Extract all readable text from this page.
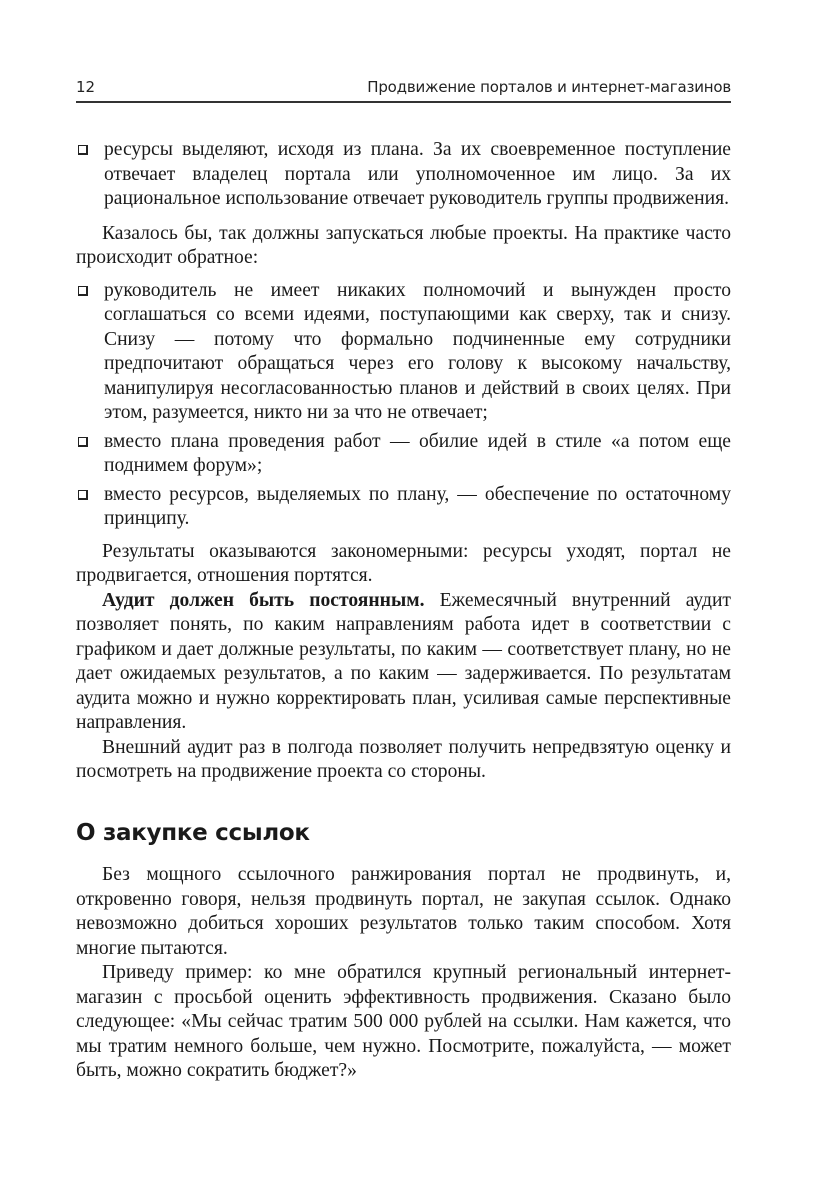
12	Продвижение порталов и интернет-магазинов
ресурсы выделяют, исходя из плана. За их своевременное поступление отвечает владелец портала или уполномоченное им лицо. За их рациональное использование отвечает руководитель группы продвижения.

Казалось бы, так должны запускаться любые проекты. На практике часто происходит обратное:

руководитель не имеет никаких полномочий и вынужден просто соглашаться со всеми идеями, поступающими как сверху, так и снизу. Снизу — потому что формально подчиненные ему сотрудники предпочитают обращаться через его голову к высокому начальству, манипулируя несогласованностью планов и действий в своих целях. При этом, разумеется, никто ни за что не отвечает;
вместо плана проведения работ — обилие идей в стиле «а потом еще поднимем форум»;
вместо ресурсов, выделяемых по плану, — обеспечение по остаточному принципу.

Результаты оказываются закономерными: ресурсы уходят, портал не продвигается, отношения портятся.

Аудит должен быть постоянным. Ежемесячный внутренний аудит позволяет понять, по каким направлениям работа идет в соответствии с графиком и дает должные результаты, по каким — соответствует плану, но не дает ожидаемых результатов, а по каким — задерживается. По результатам аудита можно и нужно корректировать план, усиливая самые перспективные направления.

Внешний аудит раз в полгода позволяет получить непредвзятую оценку и посмотреть на продвижение проекта со стороны.

О закупке ссылок

Без мощного ссылочного ранжирования портал не продвинуть, и, откровенно говоря, нельзя продвинуть портал, не закупая ссылок. Однако невозможно добиться хороших результатов только таким способом. Хотя многие пытаются.

Приведу пример: ко мне обратился крупный региональный интернет-магазин с просьбой оценить эффективность продвижения. Сказано было следующее: «Мы сейчас тратим 500 000 рублей на ссылки. Нам кажется, что мы тратим немного больше, чем нужно. Посмотрите, пожалуйста, — может быть, можно сократить бюджет?»
